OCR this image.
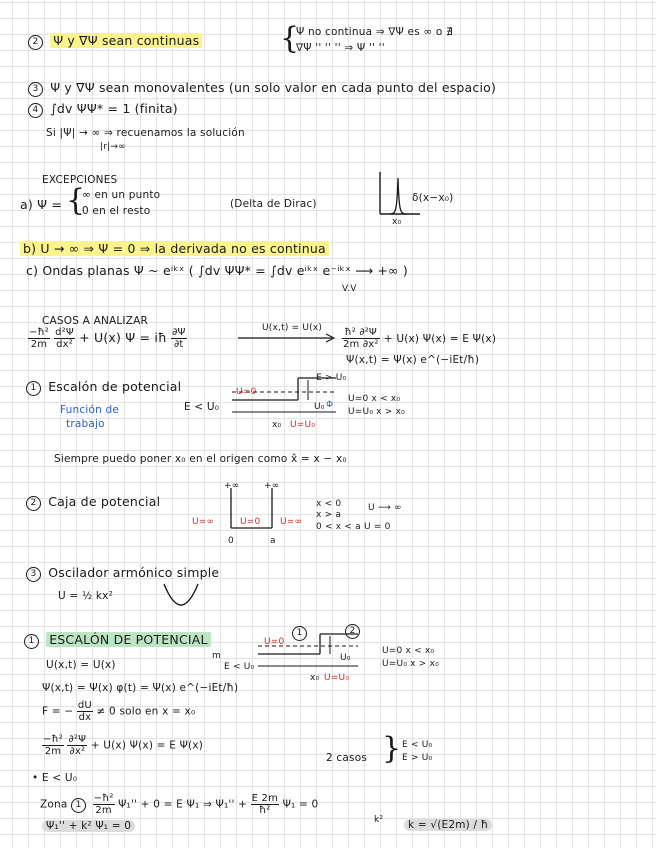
2 Ψ y ∇Ψ sean continuas	{
Ψ no continua ⇒ ∇Ψ es ∞ o ∄
∇Ψ '' '' '' ⇒ Ψ '' ''
3 Ψ y ∇Ψ sean monovalentes (un solo valor en cada punto del espacio)
4 ∫dv ΨΨ* = 1 (finita)
Si |Ψ| → ∞ ⇒ recuenamos la solución
|r|→∞
EXCEPCIONES
a) Ψ = {
∞ en un punto
0 en el resto
(Delta de Dirac)	δ(x−x₀)
x₀
b) U → ∞ ⇒ Ψ = 0 ⇒ la derivada no es continua
c) Ondas planas Ψ ~ eⁱᵏˣ ( ∫dv ΨΨ* = ∫dv eⁱᵏˣ e⁻ⁱᵏˣ ⟶ +∞ )
V.V
CASOS A ANALIZAR
$\frac{\text{−ħ²}}{2m}$
$\frac{\text{d²Ψ}}{\text{dx²}} + U(x) \Psi$ = iħ $\frac{\partial\Psi}{\partial t}$	$U(x,t) = U(x) \frac{\text{ħ² ∂²Ψ}}{\text{2m ∂x²}} + U(x) \Psi(x) = E$ Ψ(x)
Ψ(x,t) = Ψ(x) e^(−iEt/ħ)
1 Escalón de potencial
Función de
trabajo
E < U₀
E > U₀
U=0
U₀ Φ
x₀ U=U₀
U=0 x < x₀
U=U₀ x > x₀
Siempre puedo poner x₀ en el origen como x̂ = x − x₀
2 Caja de potencial
+∞	+∞
U=∞	U=0 U=∞
0	a
x < 0
x > a
U ⟶ ∞
0 < x < a U = 0
3 Oscilador armónico simple
U = ½ kx²
1 ESCALÓN DE POTENCIAL	U=0
1	2
U₀
m
E < U₀
x₀ U=U₀
U=0 x < x₀
U=U₀ x > x₀
U(x,t) = U(x)
Ψ(x,t) = Ψ(x) φ(t) = Ψ(x) e^(−iEt/ħ)
F = − $\frac{dU}{dx} \ne 0$ solo en x = x₀
$\frac{\text{−ħ²}}{2m}$
$\frac{\text{∂²Ψ}}{\text{∂x²}} + U(x) \Psi(x) = E$ Ψ(x)
2 casos } E < U₀
E > U₀
• E < U₀
Zona $1 \frac{\text{−ħ²}}{2m} \Psi_1'' + 0 = E$ Ψ₁ ⇒ $\Psi_1'' + \frac{E 2m}{\text{ħ²}} \Psi_1 = 0$
k²
Ψ₁'' + k² Ψ₁ = 0	k = √(E2m) / ħ
